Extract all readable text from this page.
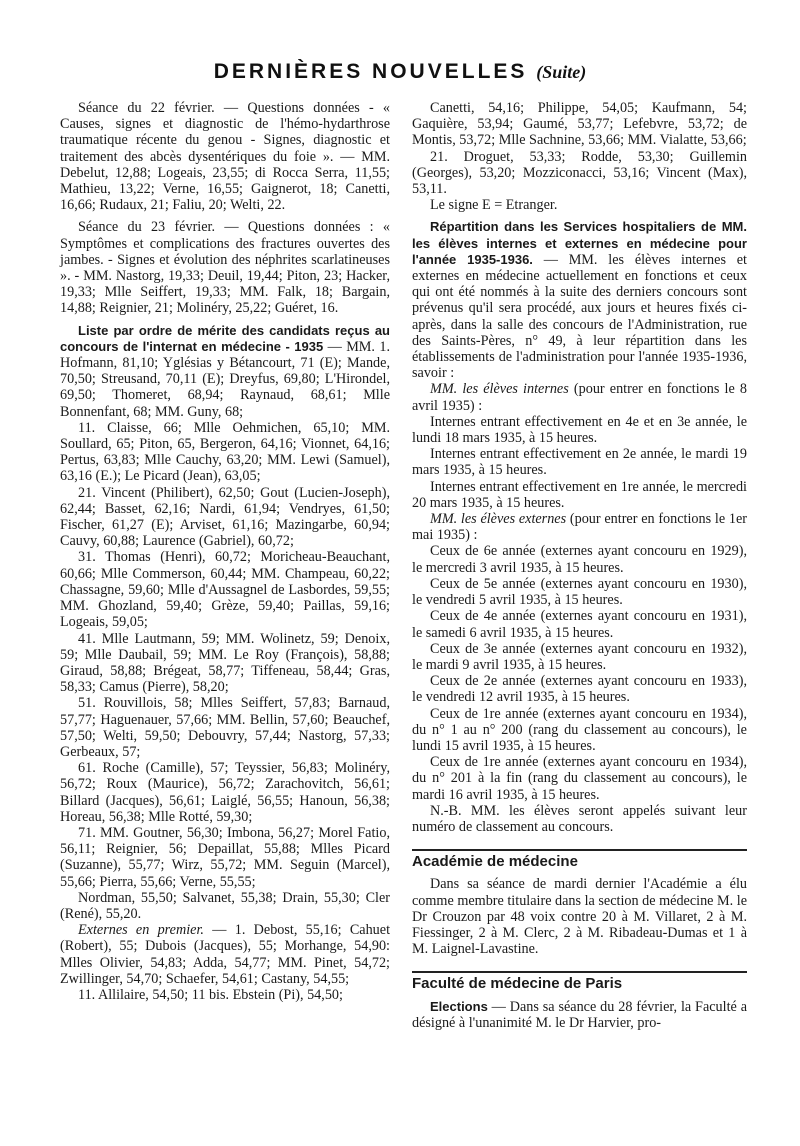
DERNIÈRES NOUVELLES (Suite)

Séance du 22 février. — Questions données - « Causes, signes et diagnostic de l'hémo-hydarthrose traumatique récente du genou - Signes, diagnostic et traitement des abcès dysentériques du foie ». — MM. Debelut, 12,88; Logeais, 23,55; di Rocca Serra, 11,55; Mathieu, 13,22; Verne, 16,55; Gaignerot, 18; Canetti, 16,66; Rudaux, 21; Faliu, 20; Welti, 22.

Séance du 23 février. — Questions données : « Symptômes et complications des fractures ouvertes des jambes. - Signes et évolution des néphrites scarlatineuses ». - MM. Nastorg, 19,33; Deuil, 19,44; Piton, 23; Hacker, 19,33; Mlle Seiffert, 19,33; MM. Falk, 18; Bargain, 14,88; Reignier, 21; Molinéry, 25,22; Guéret, 16.

Liste par ordre de mérite des candidats reçus au concours de l'internat en médecine - 1935 — MM. 1. Hofmann, 81,10; Yglésias y Bétancourt, 71 (E); Mande, 70,50; Streusand, 70,11 (E); Dreyfus, 69,80; L'Hirondel, 69,50; Thomeret, 68,94; Raynaud, 68,61; Mlle Bonnenfant, 68; MM. Guny, 68;

11. Claisse, 66; Mlle Oehmichen, 65,10; MM. Soullard, 65; Piton, 65, Bergeron, 64,16; Vionnet, 64,16; Pertus, 63,83; Mlle Cauchy, 63,20; MM. Lewi (Samuel), 63,16 (E.); Le Picard (Jean), 63,05;

21. Vincent (Philibert), 62,50; Gout (Lucien-Joseph), 62,44; Basset, 62,16; Nardi, 61,94; Vendryes, 61,50; Fischer, 61,27 (E); Arviset, 61,16; Mazingarbe, 60,94; Cauvy, 60,88; Laurence (Gabriel), 60,72;

31. Thomas (Henri), 60,72; Moricheau-Beauchant, 60,66; Mlle Commerson, 60,44; MM. Champeau, 60,22; Chassagne, 59,60; Mlle d'Aussagnel de Lasbordes, 59,55; MM. Ghozland, 59,40; Grèze, 59,40; Paillas, 59,16; Logeais, 59,05;

41. Mlle Lautmann, 59; MM. Wolinetz, 59; Denoix, 59; Mlle Daubail, 59; MM. Le Roy (François), 58,88; Giraud, 58,88; Brégeat, 58,77; Tiffeneau, 58,44; Gras, 58,33; Camus (Pierre), 58,20;

51. Rouvillois, 58; Mlles Seiffert, 57,83; Barnaud, 57,77; Haguenauer, 57,66; MM. Bellin, 57,60; Beauchef, 57,50; Welti, 59,50; Debouvry, 57,44; Nastorg, 57,33; Gerbeaux, 57;

61. Roche (Camille), 57; Teyssier, 56,83; Molinéry, 56,72; Roux (Maurice), 56,72; Zarachovitch, 56,61; Billard (Jacques), 56,61; Laiglé, 56,55; Hanoun, 56,38; Horeau, 56,38; Mlle Rotté, 59,30;

71. MM. Goutner, 56,30; Imbona, 56,27; Morel Fatio, 56,11; Reignier, 56; Depaillat, 55,88; Mlles Picard (Suzanne), 55,77; Wirz, 55,72; MM. Seguin (Marcel), 55,66; Pierra, 55,66; Verne, 55,55;

Nordman, 55,50; Salvanet, 55,38; Drain, 55,30; Cler (René), 55,20.

Externes en premier. — 1. Debost, 55,16; Cahuet (Robert), 55; Dubois (Jacques), 55; Morhange, 54,90: Mlles Olivier, 54,83; Adda, 54,77; MM. Pinet, 54,72; Zwillinger, 54,70; Schaefer, 54,61; Castany, 54,55;

11. Allilaire, 54,50; 11 bis. Ebstein (Pi), 54,50;

Canetti, 54,16; Philippe, 54,05; Kaufmann, 54; Gaquière, 53,94; Gaumé, 53,77; Lefebvre, 53,72; de Montis, 53,72; Mlle Sachnine, 53,66; MM. Vialatte, 53,66;

21. Droguet, 53,33; Rodde, 53,30; Guillemin (Georges), 53,20; Mozziconacci, 53,16; Vincent (Max), 53,11.

Le signe E = Etranger.

Répartition dans les Services hospitaliers de MM. les élèves internes et externes en médecine pour l'année 1935-1936. — MM. les élèves internes et externes en médecine actuellement en fonctions et ceux qui ont été nommés à la suite des derniers concours sont prévenus qu'il sera procédé, aux jours et heures fixés ci-après, dans la salle des concours de l'Administration, rue des Saints-Pères, n° 49, à leur répartition dans les établissements de l'administration pour l'année 1935-1936, savoir :

MM. les élèves internes (pour entrer en fonctions le 8 avril 1935) :

Internes entrant effectivement en 4e et en 3e année, le lundi 18 mars 1935, à 15 heures.

Internes entrant effectivement en 2e année, le mardi 19 mars 1935, à 15 heures.

Internes entrant effectivement en 1re année, le mercredi 20 mars 1935, à 15 heures.

MM. les élèves externes (pour entrer en fonctions le 1er mai 1935) :

Ceux de 6e année (externes ayant concouru en 1929), le mercredi 3 avril 1935, à 15 heures.

Ceux de 5e année (externes ayant concouru en 1930), le vendredi 5 avril 1935, à 15 heures.

Ceux de 4e année (externes ayant concouru en 1931), le samedi 6 avril 1935, à 15 heures.

Ceux de 3e année (externes ayant concouru en 1932), le mardi 9 avril 1935, à 15 heures.

Ceux de 2e année (externes ayant concouru en 1933), le vendredi 12 avril 1935, à 15 heures.

Ceux de 1re année (externes ayant concouru en 1934), du n° 1 au n° 200 (rang du classement au concours), le lundi 15 avril 1935, à 15 heures.

Ceux de 1re année (externes ayant concouru en 1934), du n° 201 à la fin (rang du classement au concours), le mardi 16 avril 1935, à 15 heures.

N.-B. MM. les élèves seront appelés suivant leur numéro de classement au concours.

Académie de médecine

Dans sa séance de mardi dernier l'Académie a élu comme membre titulaire dans la section de médecine M. le Dr Crouzon par 48 voix contre 20 à M. Villaret, 2 à M. Fiessinger, 2 à M. Clerc, 2 à M. Ribadeau-Dumas et 1 à M. Laignel-Lavastine.

Faculté de médecine de Paris

Elections — Dans sa séance du 28 février, la Faculté a désigné à l'unanimité M. le Dr Harvier, pro-
